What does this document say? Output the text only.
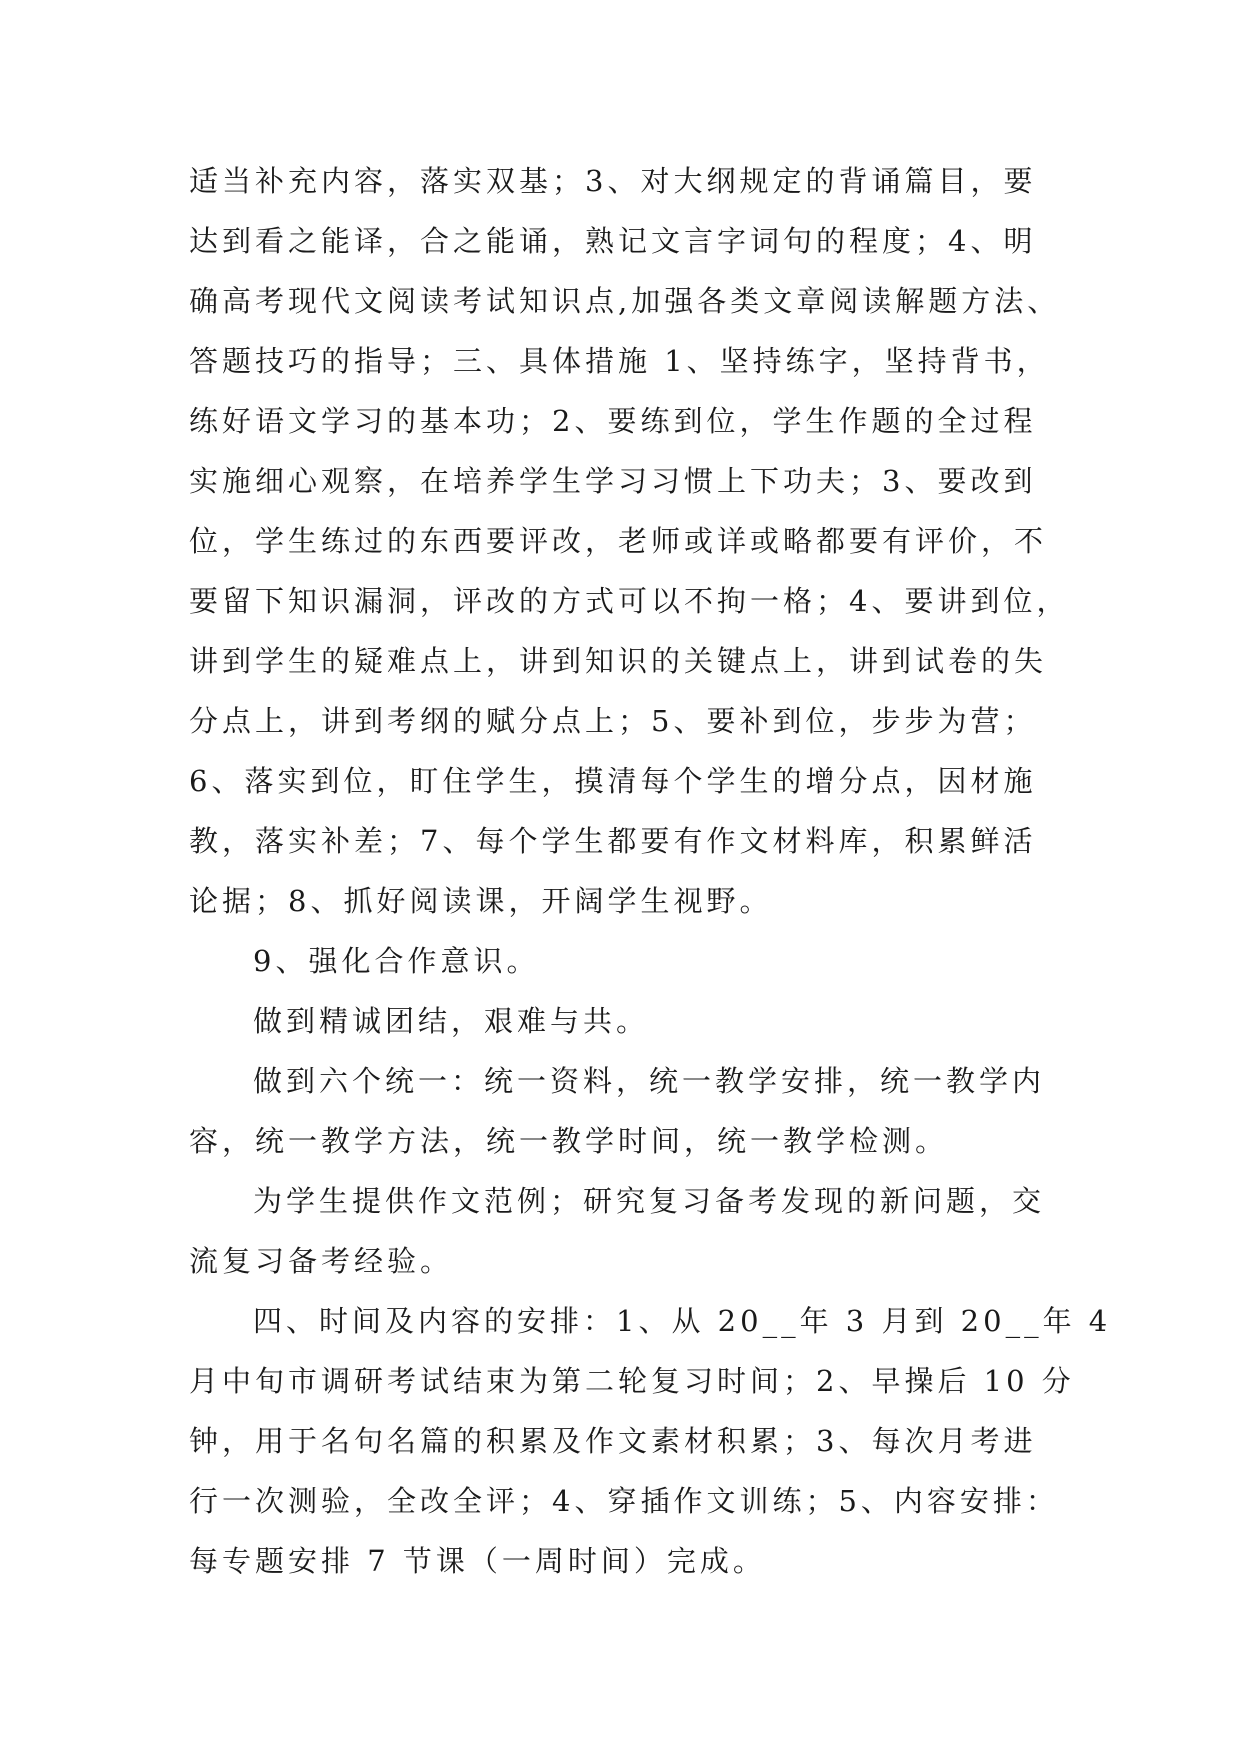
适当补充内容，落实双基；3、对大纲规定的背诵篇目，要
达到看之能译，合之能诵，熟记文言字词句的程度；4、明
确高考现代文阅读考试知识点,加强各类文章阅读解题方法、
答题技巧的指导；三、具体措施 1、坚持练字，坚持背书，
练好语文学习的基本功；2、要练到位，学生作题的全过程
实施细心观察，在培养学生学习习惯上下功夫；3、要改到
位，学生练过的东西要评改，老师或详或略都要有评价，不
要留下知识漏洞，评改的方式可以不拘一格；4、要讲到位，
讲到学生的疑难点上，讲到知识的关键点上，讲到试卷的失
分点上，讲到考纲的赋分点上；5、要补到位，步步为营；
6、落实到位，盯住学生，摸清每个学生的增分点，因材施
教，落实补差；7、每个学生都要有作文材料库，积累鲜活
论据；8、抓好阅读课，开阔学生视野。
9、强化合作意识。
做到精诚团结，艰难与共。
做到六个统一：统一资料，统一教学安排，统一教学内
容，统一教学方法，统一教学时间，统一教学检测。
为学生提供作文范例；研究复习备考发现的新问题，交
流复习备考经验。
四、时间及内容的安排：1、从 20__年 3 月到 20__年 4
月中旬市调研考试结束为第二轮复习时间；2、早操后 10 分
钟，用于名句名篇的积累及作文素材积累；3、每次月考进
行一次测验，全改全评；4、穿插作文训练；5、内容安排：
每专题安排 7 节课（一周时间）完成。
